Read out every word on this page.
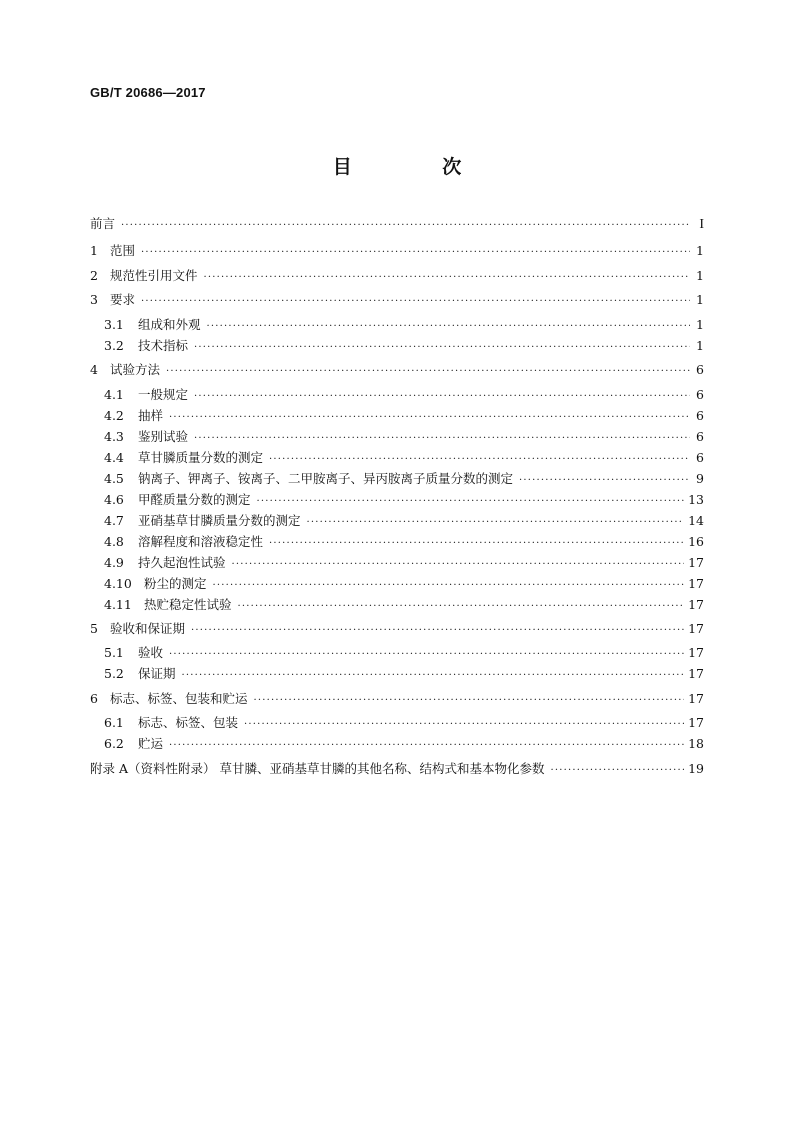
GB/T 20686—2017
目 次
前言 ·····	I
1 范围 ·····	1
2 规范性引用文件 ·····	1
3 要求 ·····	1
3.1	组成和外观 ·····	1
3.2	技术指标 ·····	1
4 试验方法 ·····	6
4.1	一般规定 ·····	6
4.2	抽样 ·····	6
4.3	鉴别试验 ·····	6
4.4	草甘膦质量分数的测定 ·····	6
4.5	钠离子、钾离子、铵离子、二甲胺离子、异丙胺离子质量分数的测定 ·····	9
4.6	甲醛质量分数的测定 ·····	13
4.7	亚硝基草甘膦质量分数的测定 ·····	14
4.8	溶解程度和溶液稳定性 ·····	16
4.9	持久起泡性试验 ·····	17
4.10 粉尘的测定 ·····	17
4.11 热贮稳定性试验 ·····	17
5 验收和保证期 ·····	17
5.1	验收 ·····	17
5.2	保证期 ·····	17
6 标志、标签、包装和贮运 ·····	17
6.1	标志、标签、包装 ·····	17
6.2	贮运 ·····	18
附录 A（资料性附录） 草甘膦、亚硝基草甘膦的其他名称、结构式和基本物化参数 ·····	19
